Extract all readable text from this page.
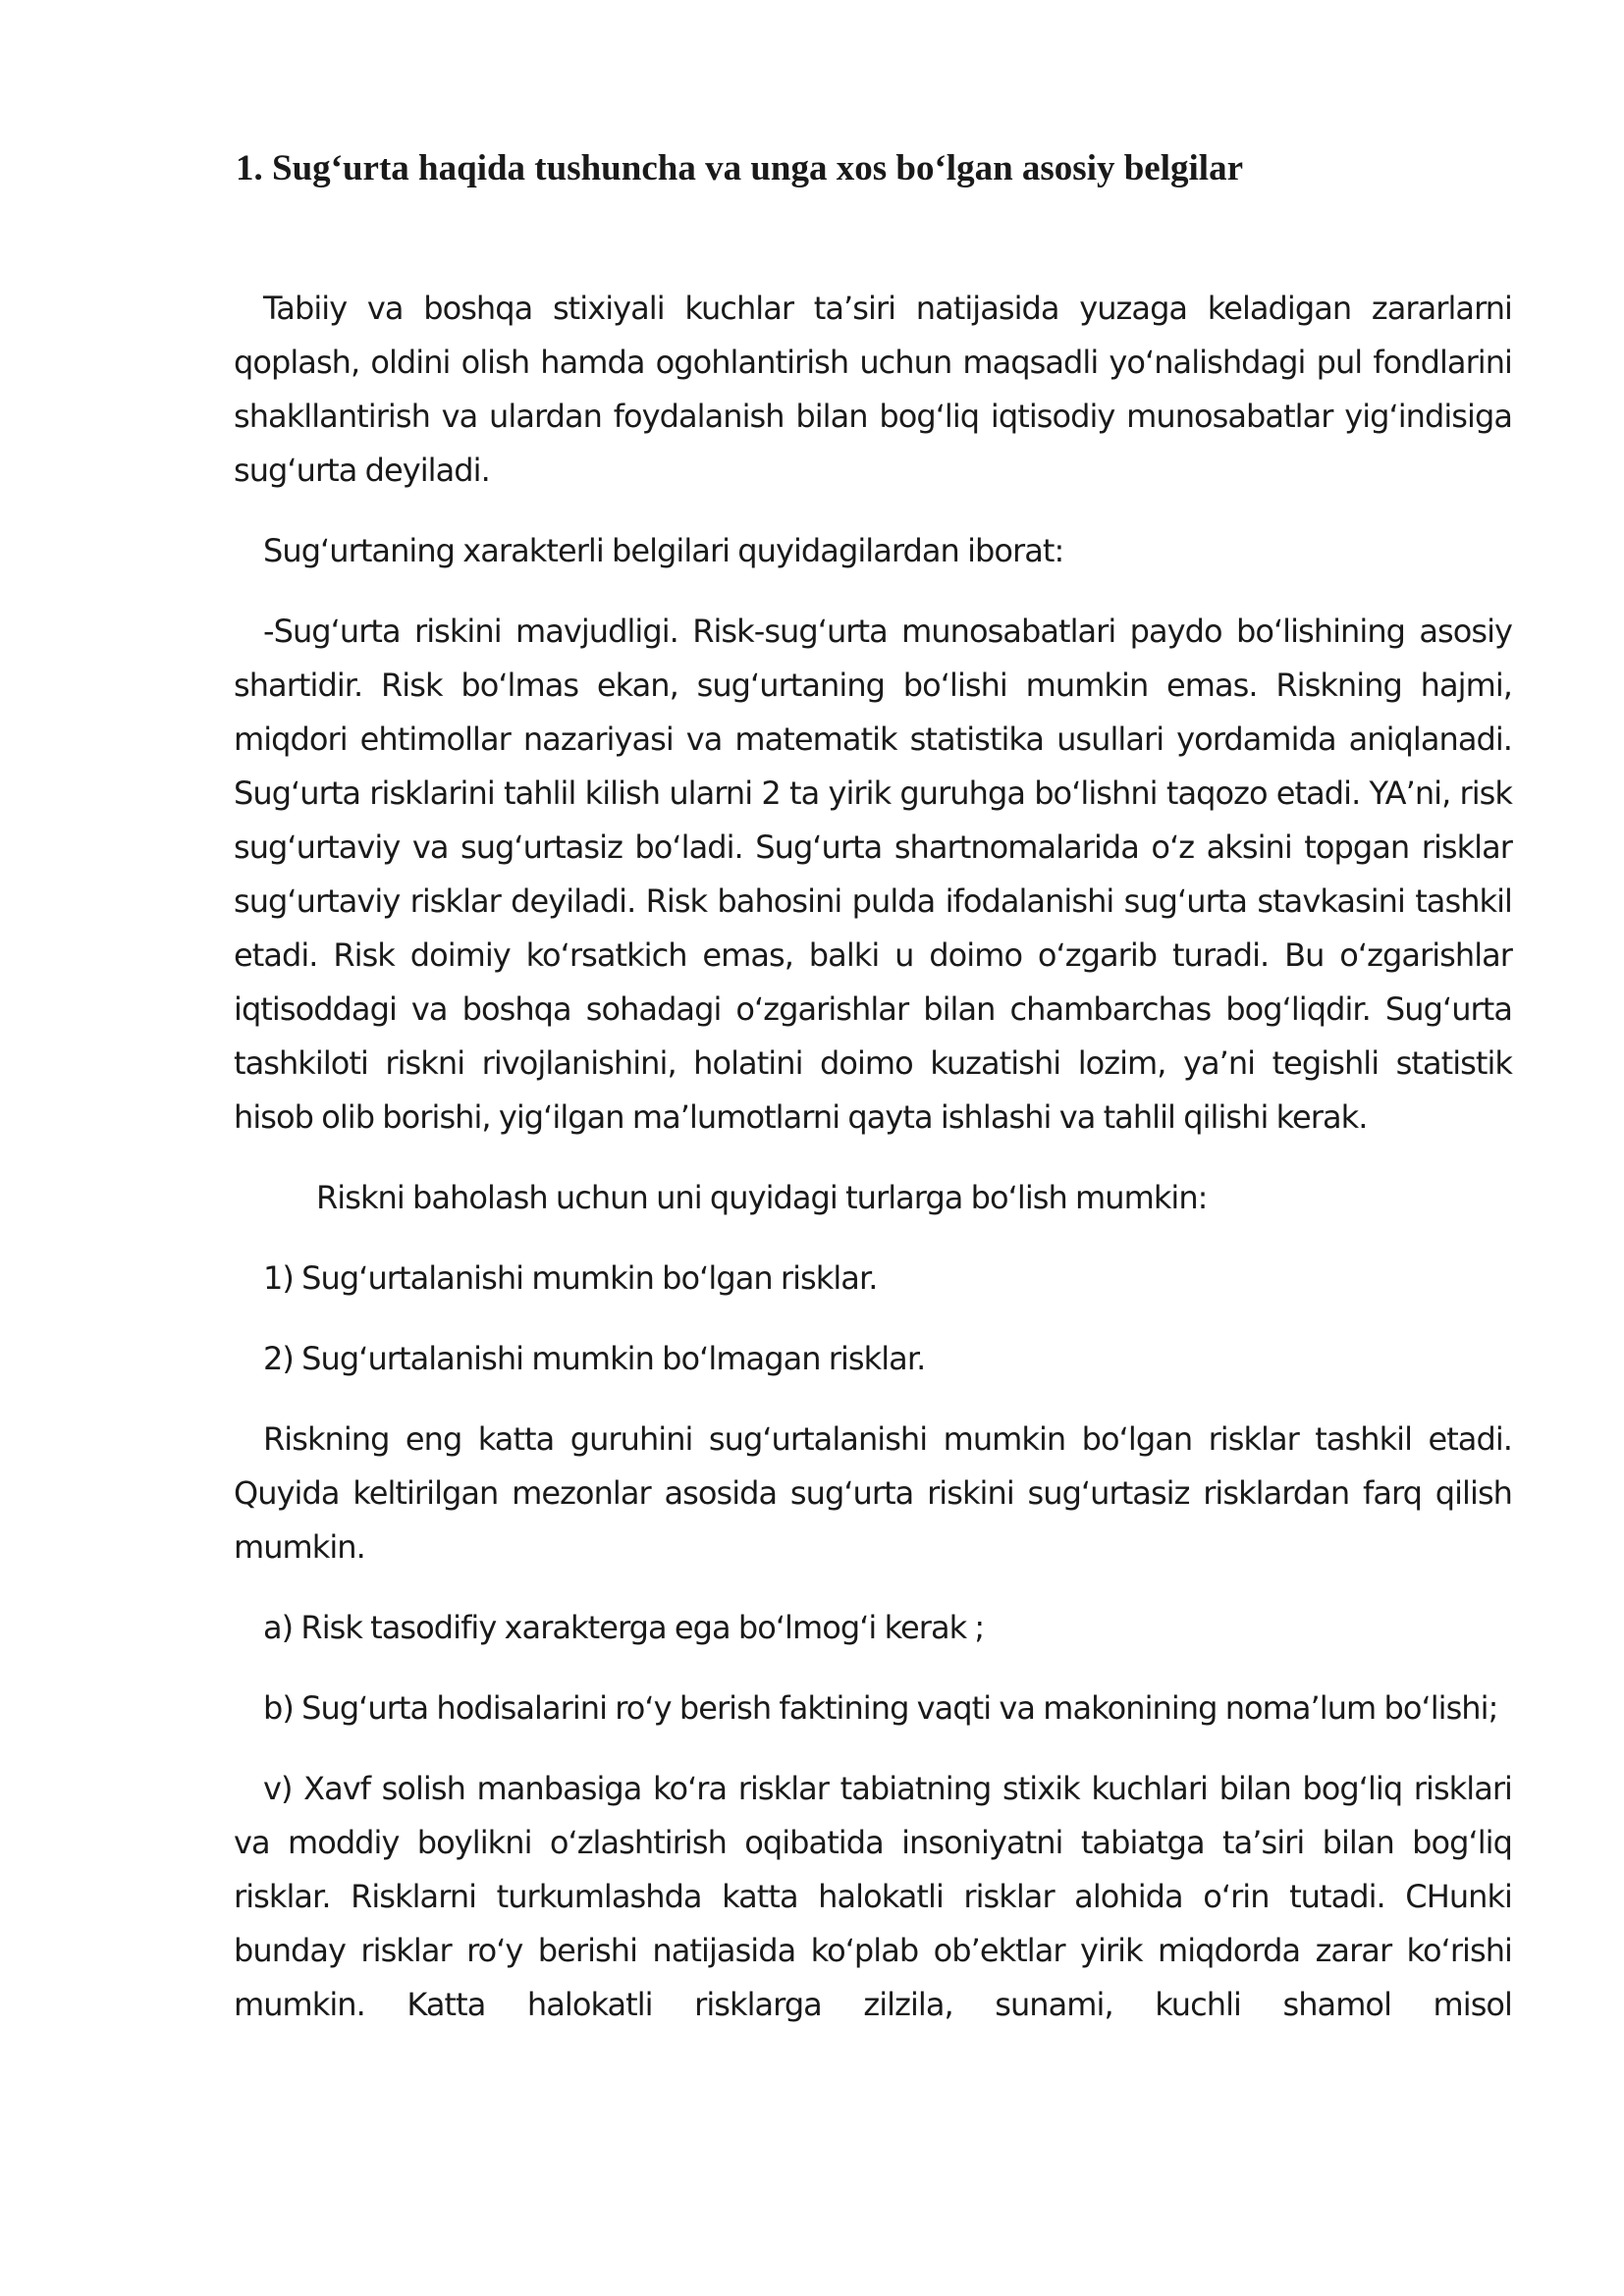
1. Sug‘urta haqida tushuncha va unga xos bo‘lgan asosiy belgilar

Tabiiy va boshqa stixiyali kuchlar ta’siri natijasida yuzaga keladigan zararlarni qoplash, oldini olish hamda ogohlantirish uchun maqsadli yo‘nalishdagi pul fondlarini shakllantirish va ulardan foydalanish bilan bog‘liq iqtisodiy munosabatlar yig‘indisiga sug‘urta deyiladi.

Sug‘urtaning xarakterli belgilari quyidagilardan iborat:

-Sug‘urta riskini mavjudligi. Risk-sug‘urta munosabatlari paydo bo‘lishining asosiy shartidir. Risk bo‘lmas ekan, sug‘urtaning bo‘lishi mumkin emas. Riskning hajmi, miqdori ehtimollar nazariyasi va matematik statistika usullari yordamida aniqlanadi. Sug‘urta risklarini tahlil kilish ularni 2 ta yirik guruhga bo‘lishni taqozo etadi. YA’ni, risk sug‘urtaviy va sug‘urtasiz bo‘ladi. Sug‘urta shartnomalarida o‘z aksini topgan risklar sug‘urtaviy risklar deyiladi. Risk bahosini pulda ifodalanishi sug‘urta stavkasini tashkil etadi. Risk doimiy ko‘rsatkich emas, balki u doimo o‘zgarib turadi. Bu o‘zgarishlar iqtisoddagi va boshqa sohadagi o‘zgarishlar bilan chambarchas bog‘liqdir. Sug‘urta tashkiloti riskni rivojlanishini, holatini doimo kuzatishi lozim, ya’ni tegishli statistik hisob olib borishi, yig‘ilgan ma’lumotlarni qayta ishlashi va tahlil qilishi kerak.

Riskni baholash uchun uni quyidagi turlarga bo‘lish mumkin:

1) Sug‘urtalanishi mumkin bo‘lgan risklar.

2) Sug‘urtalanishi mumkin bo‘lmagan risklar.

Riskning eng katta guruhini sug‘urtalanishi mumkin bo‘lgan risklar tashkil etadi. Quyida keltirilgan mezonlar asosida sug‘urta riskini sug‘urtasiz risklardan farq qilish mumkin.

a) Risk tasodifiy xarakterga ega bo‘lmog‘i kerak ;

b) Sug‘urta hodisalarini ro‘y berish faktining vaqti va makonining noma’lum bo‘lishi;

v) Xavf solish manbasiga ko‘ra risklar tabiatning stixik kuchlari bilan bog‘liq risklari va moddiy boylikni o‘zlashtirish oqibatida insoniyatni tabiatga ta’siri bilan bog‘liq risklar. Risklarni turkumlashda katta halokatli risklar alohida o‘rin tutadi. CHunki bunday risklar ro‘y berishi natijasida ko‘plab ob’ektlar yirik miqdorda zarar ko‘rishi mumkin. Katta halokatli risklarga zilzila, sunami, kuchli shamol misol
